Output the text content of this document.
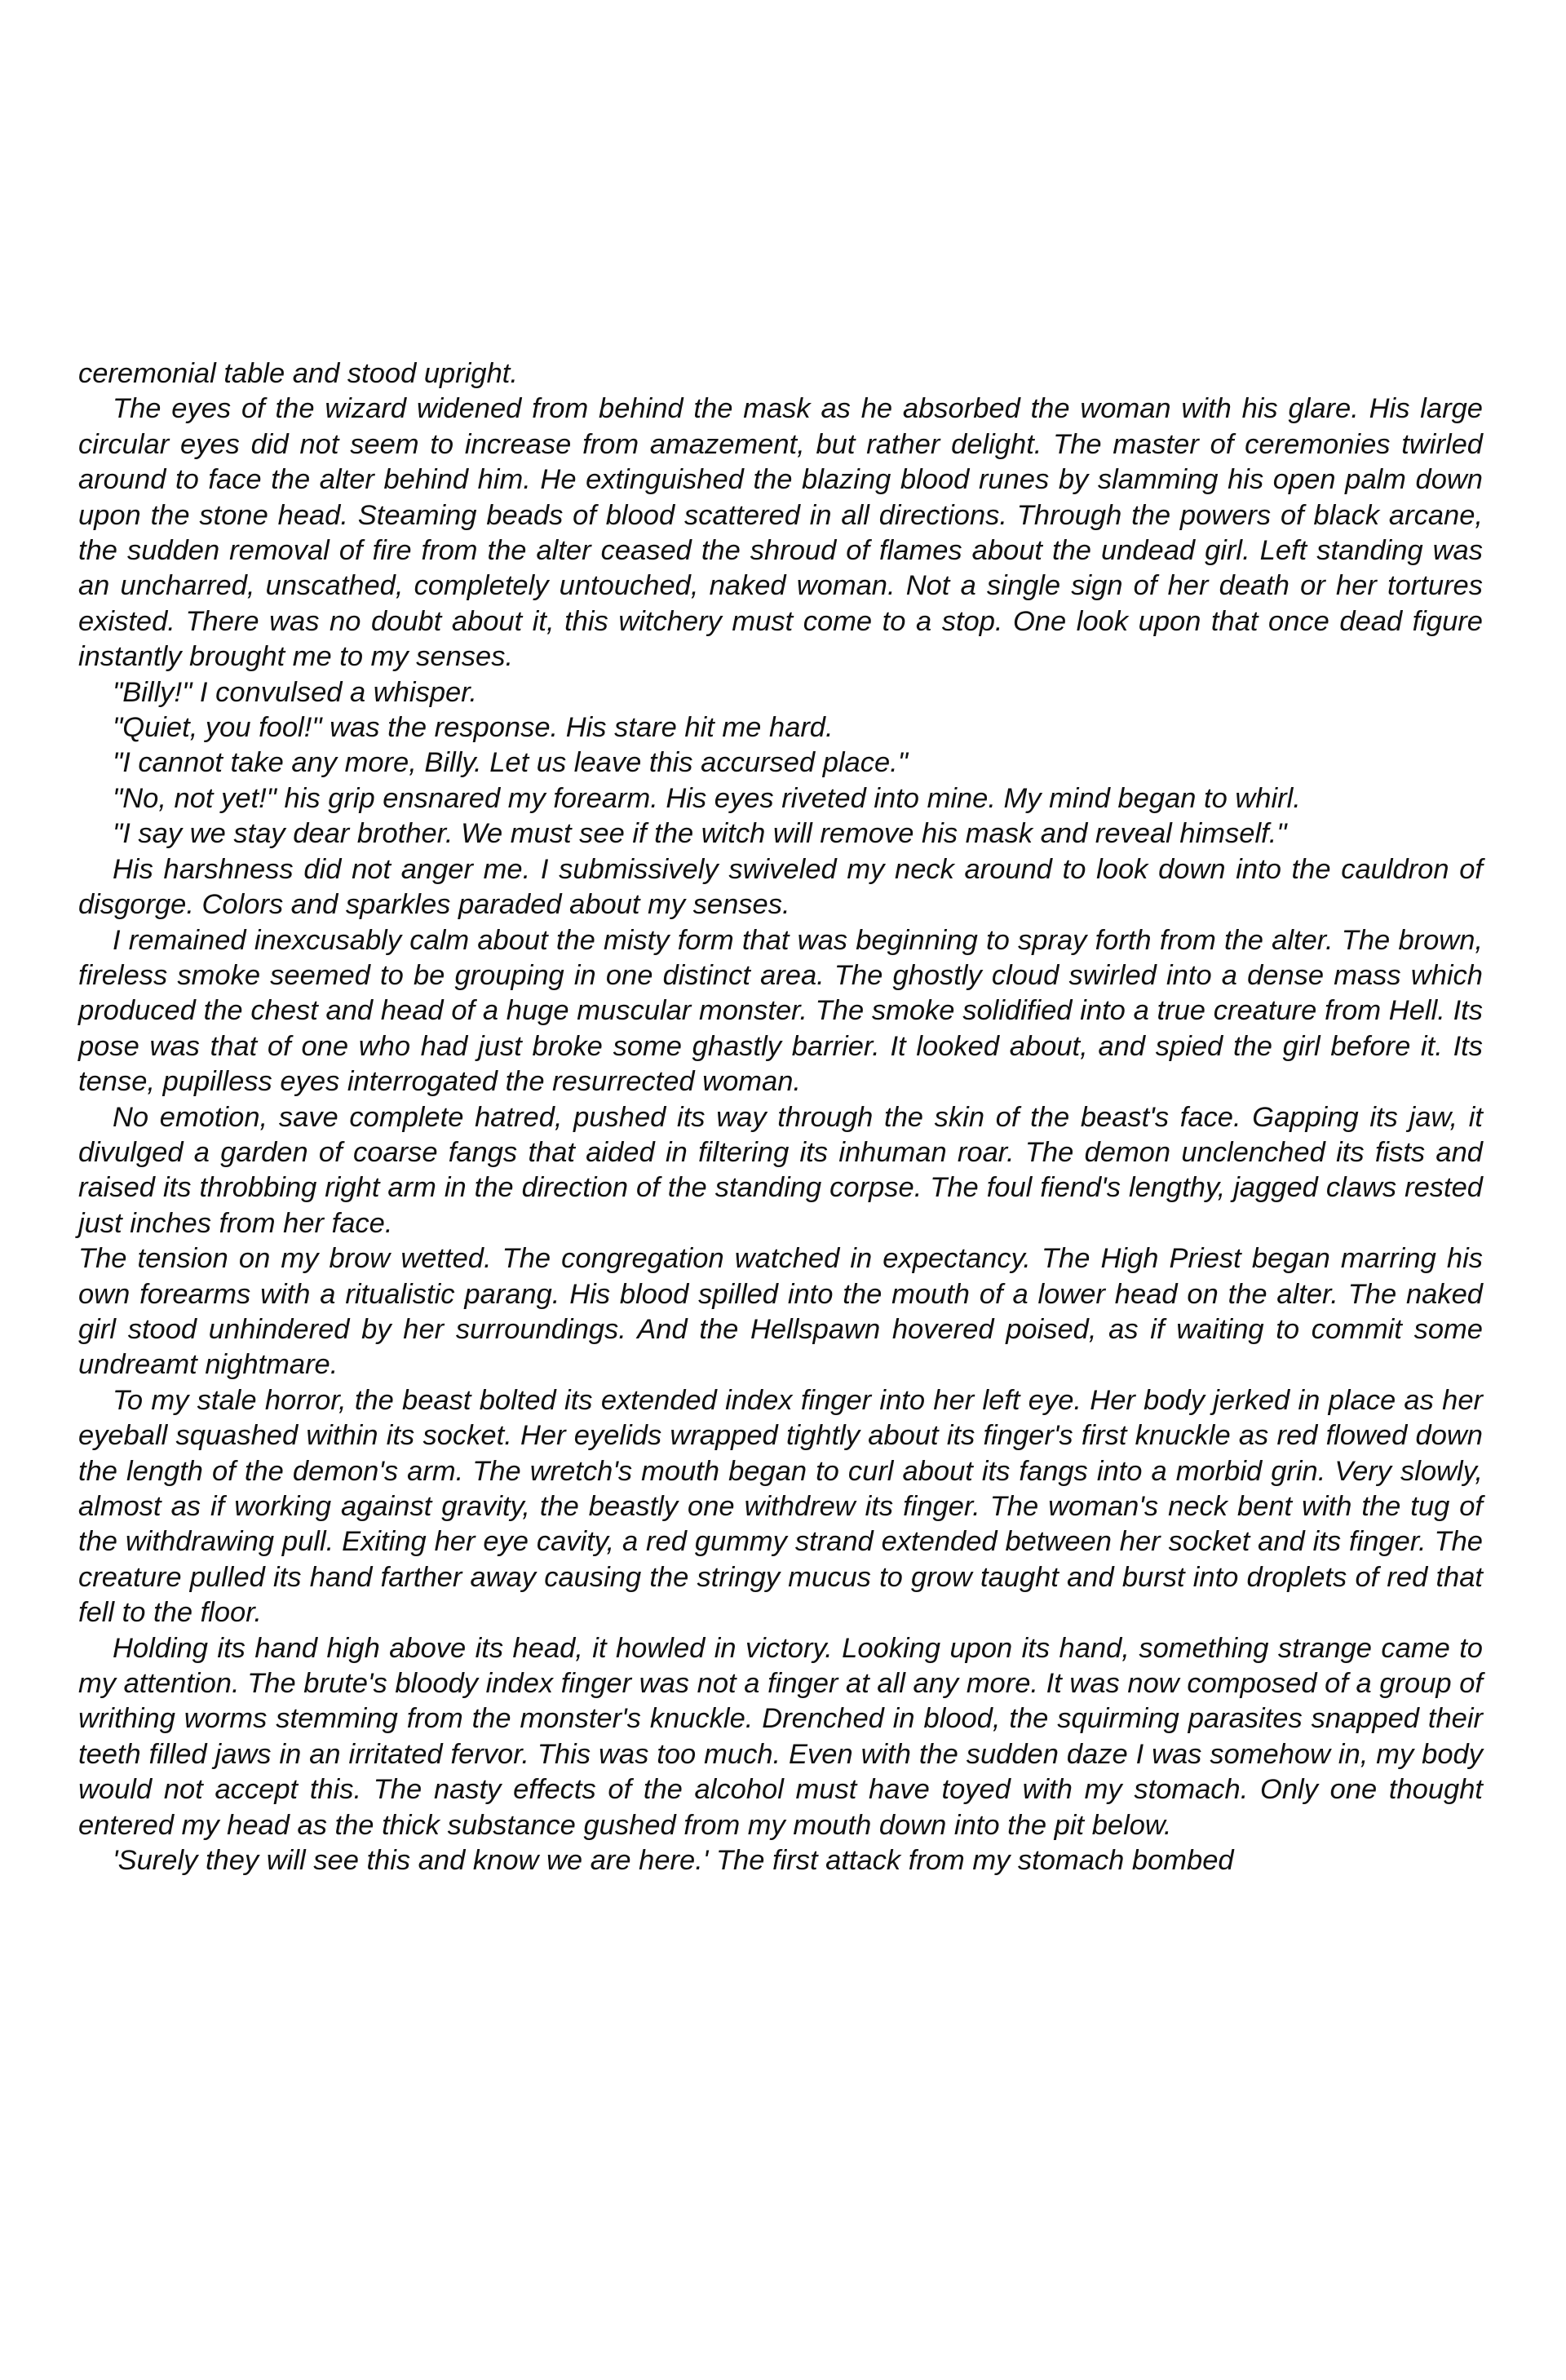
ceremonial table and stood upright.

The eyes of the wizard widened from behind the mask as he absorbed the woman with his glare. His large circular eyes did not seem to increase from amazement, but rather delight. The master of ceremonies twirled around to face the alter behind him. He extinguished the blazing blood runes by slamming his open palm down upon the stone head. Steaming beads of blood scattered in all directions. Through the powers of black arcane, the sudden removal of fire from the alter ceased the shroud of flames about the undead girl. Left standing was an uncharred, unscathed, completely untouched, naked woman. Not a single sign of her death or her tortures existed. There was no doubt about it, this witchery must come to a stop. One look upon that once dead figure instantly brought me to my senses.

"Billy!" I convulsed a whisper.

"Quiet, you fool!" was the response. His stare hit me hard.

"I cannot take any more, Billy. Let us leave this accursed place."

"No, not yet!" his grip ensnared my forearm. His eyes riveted into mine. My mind began to whirl.

"I say we stay dear brother. We must see if the witch will remove his mask and reveal himself."

His harshness did not anger me. I submissively swiveled my neck around to look down into the cauldron of disgorge. Colors and sparkles paraded about my senses.

I remained inexcusably calm about the misty form that was beginning to spray forth from the alter. The brown, fireless smoke seemed to be grouping in one distinct area. The ghostly cloud swirled into a dense mass which produced the chest and head of a huge muscular monster. The smoke solidified into a true creature from Hell. Its pose was that of one who had just broke some ghastly barrier. It looked about, and spied the girl before it. Its tense, pupilless eyes interrogated the resurrected woman.

No emotion, save complete hatred, pushed its way through the skin of the beast's face. Gapping its jaw, it divulged a garden of coarse fangs that aided in filtering its inhuman roar. The demon unclenched its fists and raised its throbbing right arm in the direction of the standing corpse. The foul fiend's lengthy, jagged claws rested just inches from her face.

The tension on my brow wetted. The congregation watched in expectancy. The High Priest began marring his own forearms with a ritualistic parang. His blood spilled into the mouth of a lower head on the alter. The naked girl stood unhindered by her surroundings. And the Hellspawn hovered poised, as if waiting to commit some undreamt nightmare.

To my stale horror, the beast bolted its extended index finger into her left eye. Her body jerked in place as her eyeball squashed within its socket. Her eyelids wrapped tightly about its finger's first knuckle as red flowed down the length of the demon's arm. The wretch's mouth began to curl about its fangs into a morbid grin. Very slowly, almost as if working against gravity, the beastly one withdrew its finger. The woman's neck bent with the tug of the withdrawing pull. Exiting her eye cavity, a red gummy strand extended between her socket and its finger. The creature pulled its hand farther away causing the stringy mucus to grow taught and burst into droplets of red that fell to the floor.

Holding its hand high above its head, it howled in victory. Looking upon its hand, something strange came to my attention. The brute's bloody index finger was not a finger at all any more. It was now composed of a group of writhing worms stemming from the monster's knuckle. Drenched in blood, the squirming parasites snapped their teeth filled jaws in an irritated fervor. This was too much. Even with the sudden daze I was somehow in, my body would not accept this. The nasty effects of the alcohol must have toyed with my stomach. Only one thought entered my head as the thick substance gushed from my mouth down into the pit below.

'Surely they will see this and know we are here.' The first attack from my stomach bombed
